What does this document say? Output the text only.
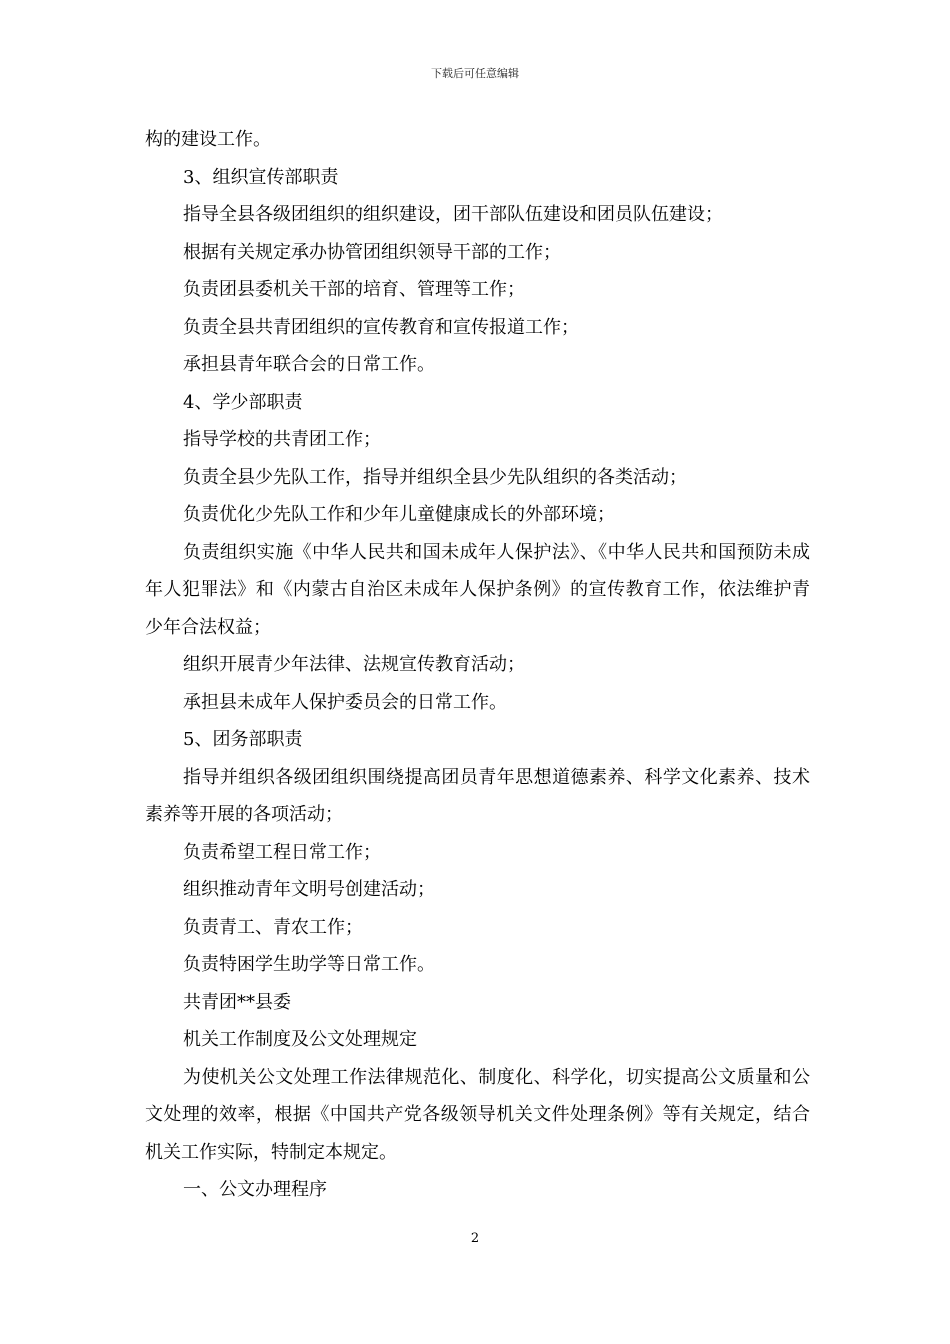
下载后可任意编辑

构的建设工作。

3、组织宣传部职责

指导全县各级团组织的组织建设，团干部队伍建设和团员队伍建设；

根据有关规定承办协管团组织领导干部的工作；

负责团县委机关干部的培育、管理等工作；

负责全县共青团组织的宣传教育和宣传报道工作；

承担县青年联合会的日常工作。

4、学少部职责

指导学校的共青团工作；

负责全县少先队工作，指导并组织全县少先队组织的各类活动；

负责优化少先队工作和少年儿童健康成长的外部环境；

负责组织实施《中华人民共和国未成年人保护法》、《中华人民共和国预防未成年人犯罪法》和《内蒙古自治区未成年人保护条例》的宣传教育工作，依法维护青少年合法权益；

组织开展青少年法律、法规宣传教育活动；

承担县未成年人保护委员会的日常工作。

5、团务部职责

指导并组织各级团组织围绕提高团员青年思想道德素养、科学文化素养、技术素养等开展的各项活动；

负责希望工程日常工作；

组织推动青年文明号创建活动；

负责青工、青农工作；

负责特困学生助学等日常工作。

共青团**县委

机关工作制度及公文处理规定

为使机关公文处理工作法律规范化、制度化、科学化，切实提高公文质量和公文处理的效率，根据《中国共产党各级领导机关文件处理条例》等有关规定，结合机关工作实际，特制定本规定。

一、公文办理程序

2
